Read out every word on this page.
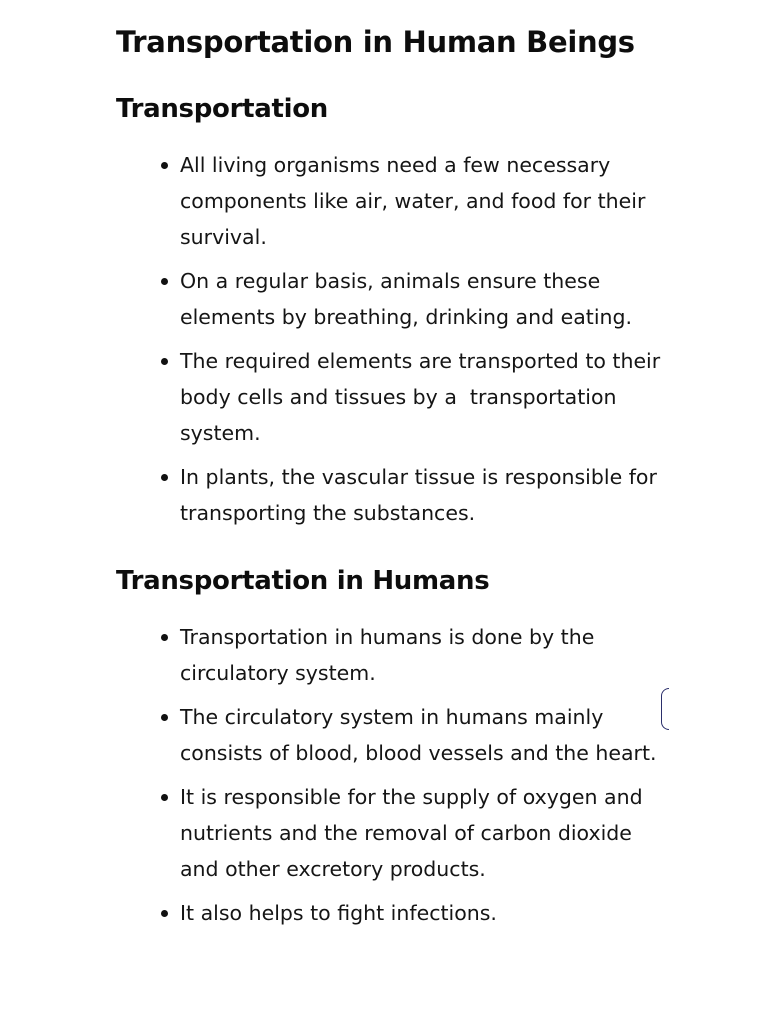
Transportation in Human Beings
Transportation
All living organisms need a few necessary components like air, water, and food for their survival.
On a regular basis, animals ensure these elements by breathing, drinking and eating.
The required elements are transported to their body cells and tissues by a  transportation system.
In plants, the vascular tissue is responsible for transporting the substances.
Transportation in Humans
Transportation in humans is done by the circulatory system.
The circulatory system in humans mainly consists of blood, blood vessels and the heart.
It is responsible for the supply of oxygen and nutrients and the removal of carbon dioxide and other excretory products.
It also helps to fight infections.
